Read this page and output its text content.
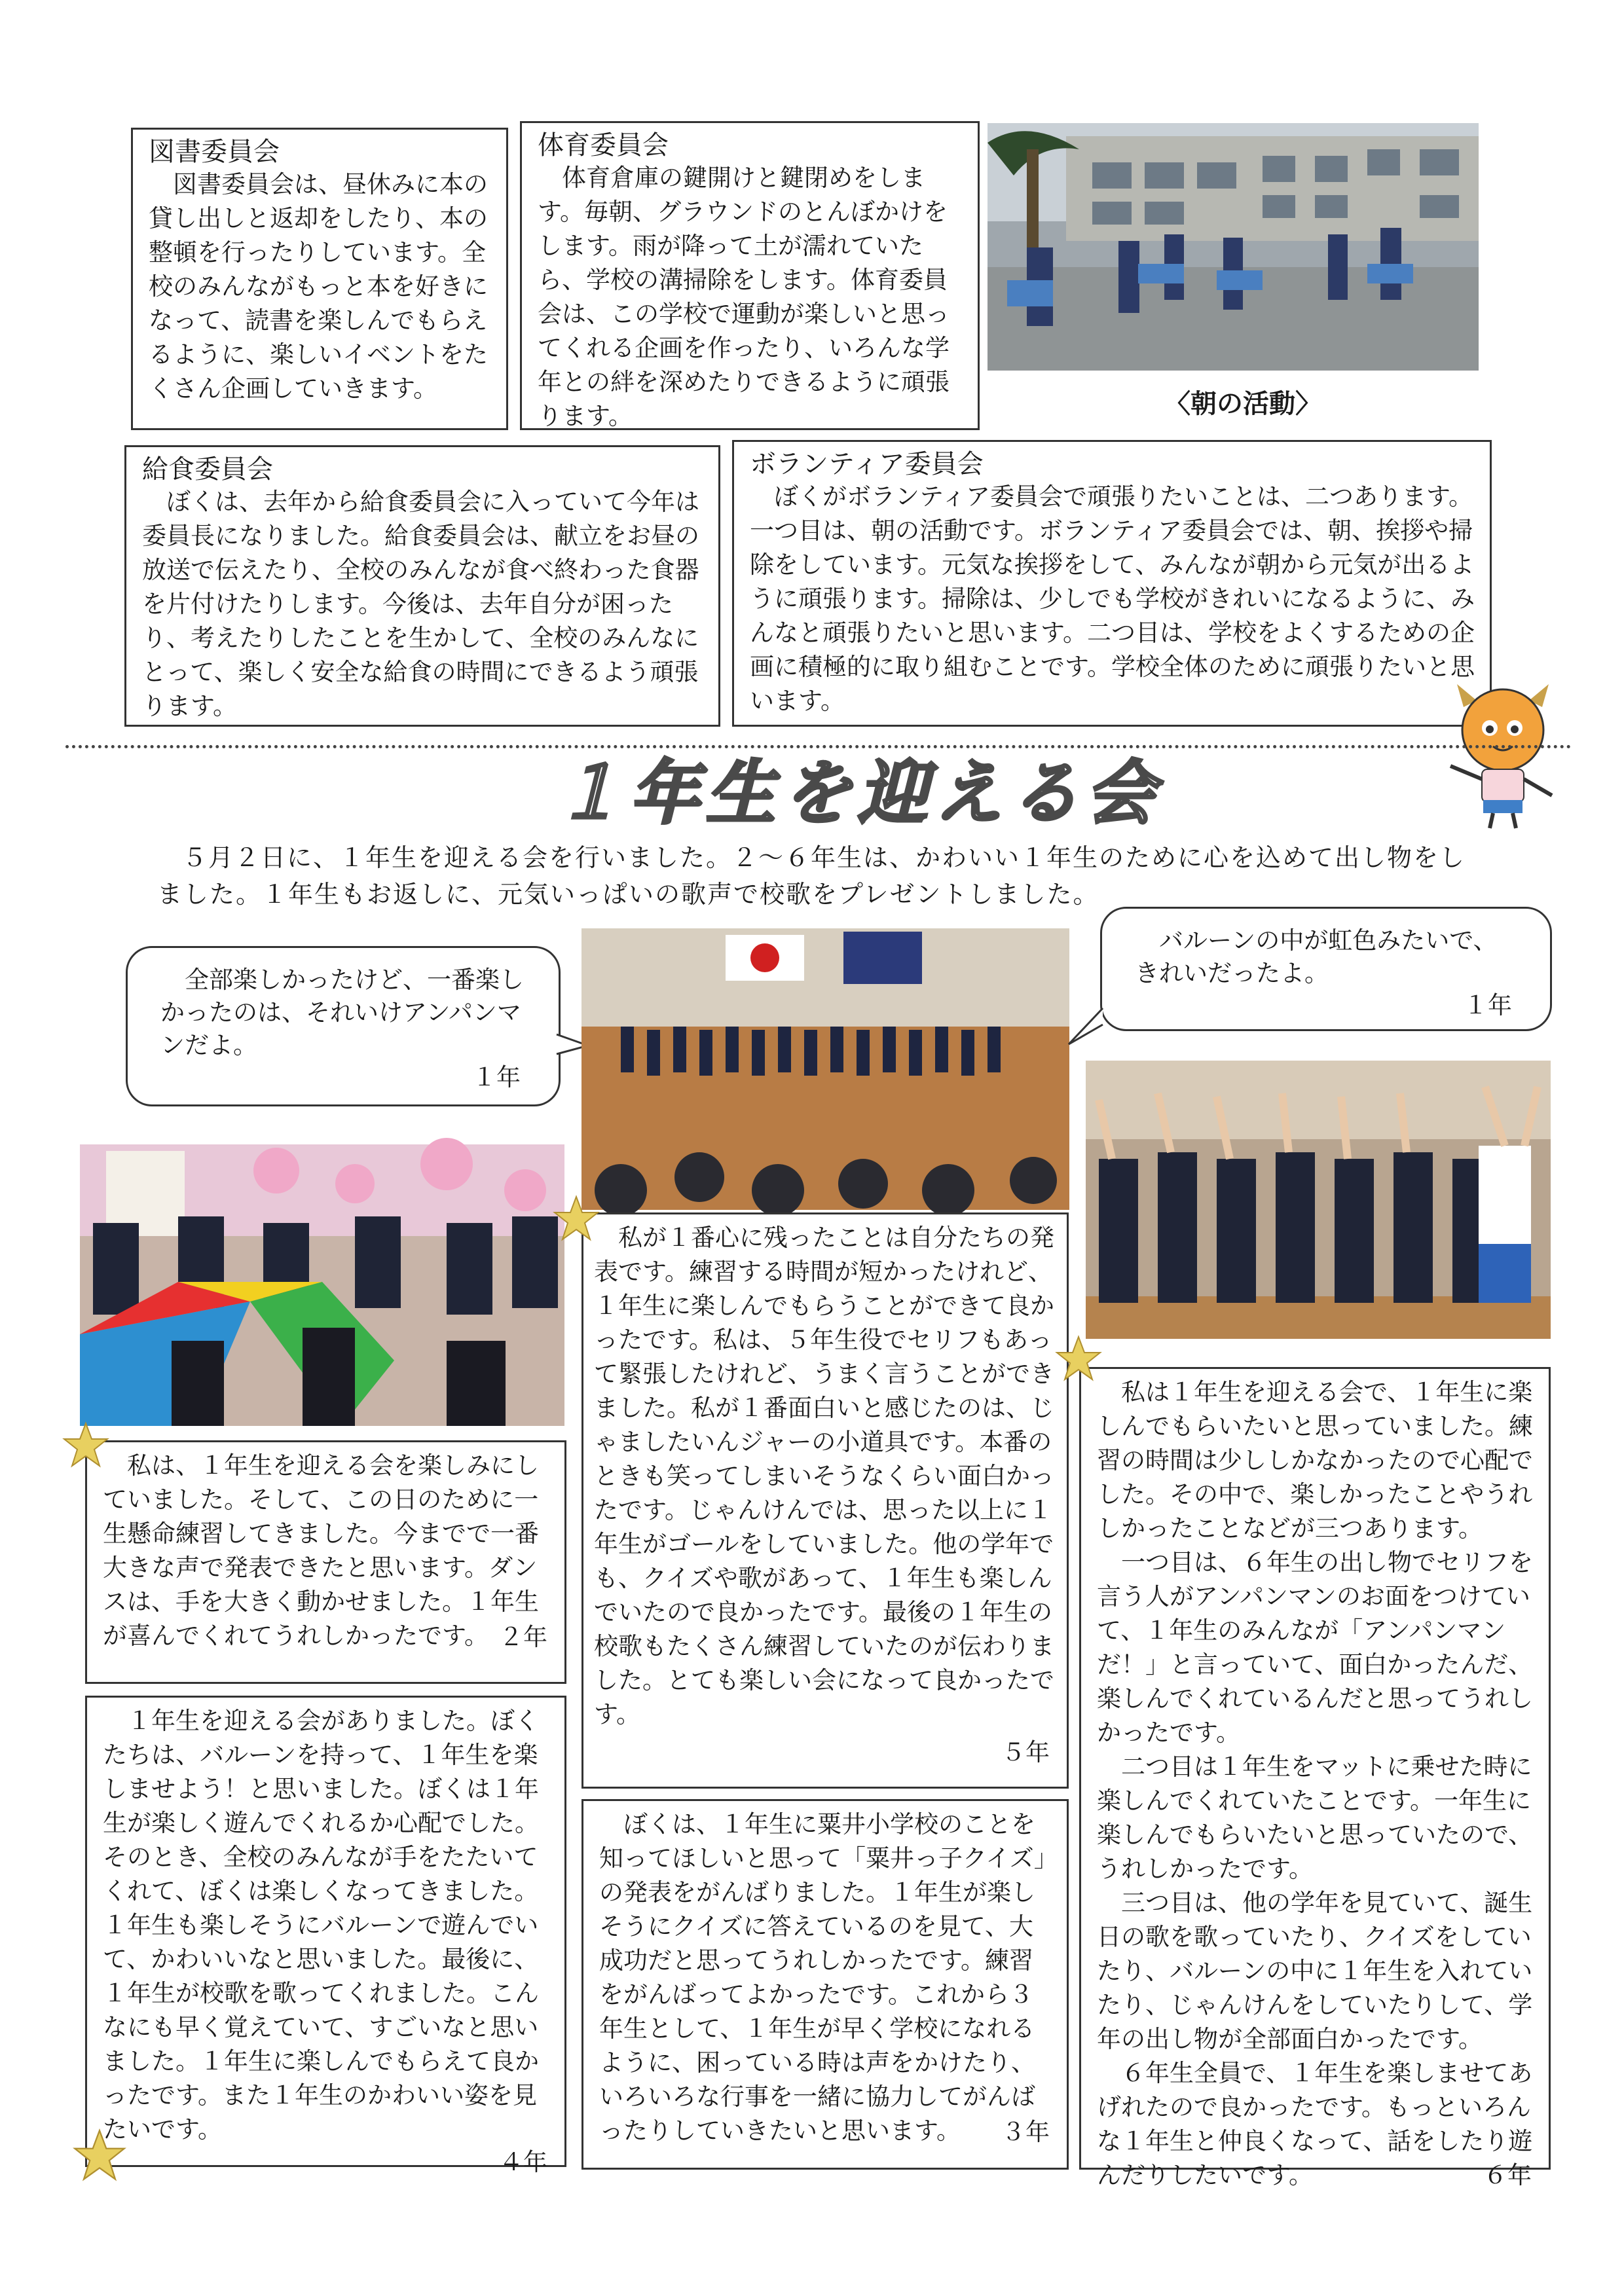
図書委員会
図書委員会は、昼休みに本の貸し出しと返却をしたり、本の整頓を行ったりしています。全校のみんながもっと本を好きになって、読書を楽しんでもらえるように、楽しいイベントをたくさん企画していきます。
体育委員会
体育倉庫の鍵開けと鍵閉めをします。毎朝、グラウンドのとんぼかけをします。雨が降って土が濡れていたら、学校の溝掃除をします。体育委員会は、この学校で運動が楽しいと思ってくれる企画を作ったり、いろんな学年との絆を深めたりできるように頑張ります。	〈朝の活動〉
給食委員会
ぼくは、去年から給食委員会に入っていて今年は委員長になりました。給食委員会は、献立をお昼の放送で伝えたり、全校のみんなが食べ終わった食器を片付けたりします。今後は、去年自分が困ったり、考えたりしたことを生かして、全校のみんなにとって、楽しく安全な給食の時間にできるよう頑張ります。
ボランティア委員会
ぼくがボランティア委員会で頑張りたいことは、二つあります。一つ目は、朝の活動です。ボランティア委員会では、朝、挨拶や掃除をしています。元気な挨拶をして、みんなが朝から元気が出るように頑張ります。掃除は、少しでも学校がきれいになるように、みんなと頑張りたいと思います。二つ目は、学校をよくするための企画に積極的に取り組むことです。学校全体のために頑張りたいと思います。
１年生を迎える会
５月２日に、１年生を迎える会を行いました。２～６年生は、かわいい１年生のために心を込めて出し物をしました。１年生もお返しに、元気いっぱいの歌声で校歌をプレゼントしました。
全部楽しかったけど、一番楽しかったのは、それいけアンパンマンだよ。
１年
バルーンの中が虹色みたいで、きれいだったよ。
１年
私が１番心に残ったことは自分たちの発表です。練習する時間が短かったけれど、１年生に楽しんでもらうことができて良かったです。私は、５年生役でセリフもあって緊張したけれど、うまく言うことができました。私が１番面白いと感じたのは、じゃましたいんジャーの小道具です。本番のときも笑ってしまいそうなくらい面白かったです。じゃんけんでは、思った以上に１年生がゴールをしていました。他の学年でも、クイズや歌があって、１年生も楽しんでいたので良かったです。最後の１年生の校歌もたくさん練習していたのが伝わりました。とても楽しい会になって良かったです。
５年
私は、１年生を迎える会を楽しみにしていました。そして、この日のために一生懸命練習してきました。今までで一番大きな声で発表できたと思います。ダンスは、手を大きく動かせました。１年生が喜んでくれてうれしかったです。 ２年
１年生を迎える会がありました。ぼくたちは、バルーンを持って、１年生を楽しませよう！と思いました。ぼくは１年生が楽しく遊んでくれるか心配でした。そのとき、全校のみんなが手をたたいてくれて、ぼくは楽しくなってきました。１年生も楽しそうにバルーンで遊んでいて、かわいいなと思いました。最後に、１年生が校歌を歌ってくれました。こんなにも早く覚えていて、すごいなと思いました。１年生に楽しんでもらえて良かったです。また１年生のかわいい姿を見たいです。
４年
ぼくは、１年生に粟井小学校のことを知ってほしいと思って「粟井っ子クイズ」の発表をがんばりました。１年生が楽しそうにクイズに答えているのを見て、大成功だと思ってうれしかったです。練習をがんばってよかったです。これから３年生として、１年生が早く学校になれるように、困っている時は声をかけたり、いろいろな行事を一緒に協力してがんばったりしていきたいと思います。	３年

私は１年生を迎える会で、１年生に楽しんでもらいたいと思っていました。練習の時間は少ししかなかったので心配でした。その中で、楽しかったことやうれしかったことなどが三つあります。

一つ目は、６年生の出し物でセリフを言う人がアンパンマンのお面をつけていて、１年生のみんなが「アンパンマンだ！」と言っていて、面白かったんだ、楽しんでくれているんだと思ってうれしかったです。

二つ目は１年生をマットに乗せた時に楽しんでくれていたことです。一年生に楽しんでもらいたいと思っていたので、うれしかったです。

三つ目は、他の学年を見ていて、誕生日の歌を歌っていたり、クイズをしていたり、バルーンの中に１年生を入れていたり、じゃんけんをしていたりして、学年の出し物が全部面白かったです。

６年生全員で、１年生を楽しませてあげれたので良かったです。もっといろんな１年生と仲良くなって、話をしたり遊んだりしたいです。	６年
